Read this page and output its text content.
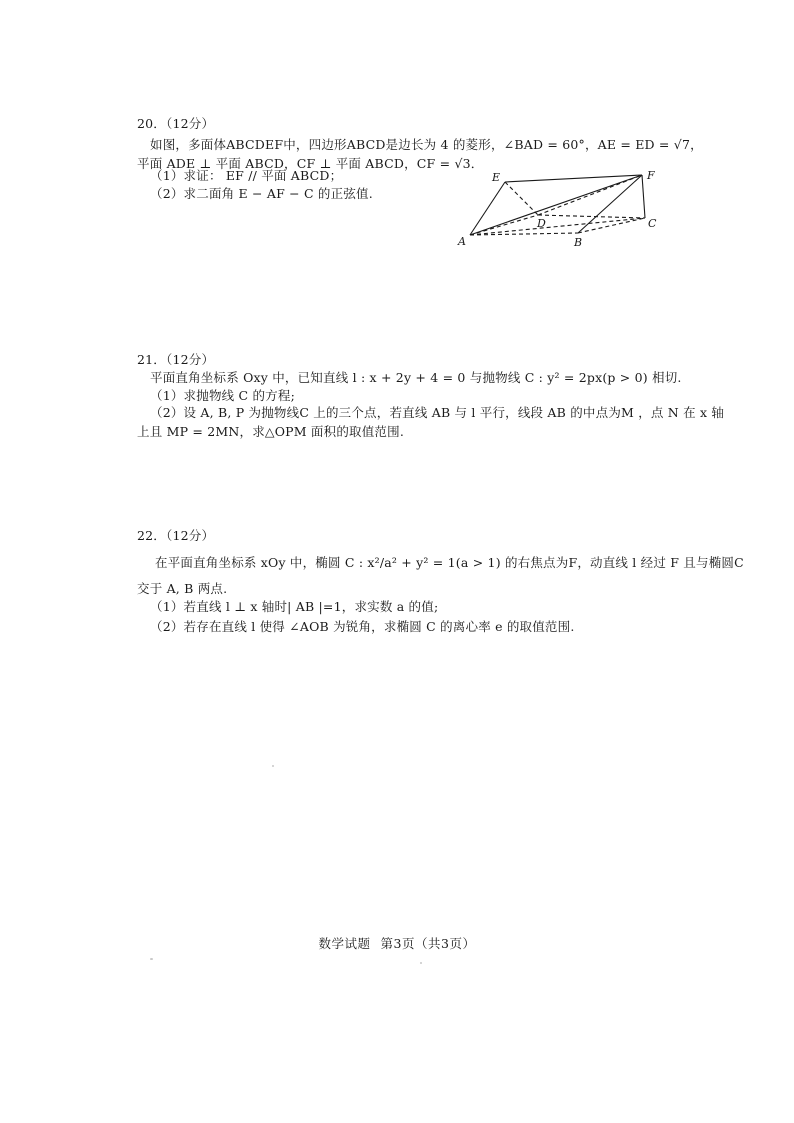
20．（12分）
如图，多面体ABCDEF中，四边形ABCD是边长为 4 的菱形，∠BAD = 60°，AE = ED = √7，
平面 ADE ⊥ 平面 ABCD，CF ⊥ 平面 ABCD，CF = √3．
（1）求证： EF // 平面 ABCD；
（2）求二面角 E − AF − C 的正弦值.
A	B
C
D
E	F
21．（12分）
平面直角坐标系 Oxy 中，已知直线 l : x + 2y + 4 = 0 与抛物线 C : y² = 2px(p > 0) 相切.
（1）求抛物线 C 的方程;
（2）设 A, B, P 为抛物线C 上的三个点，若直线 AB 与 l 平行，线段 AB 的中点为M ，点 N 在 x 轴
上且 MP = 2MN，求△OPM 面积的取值范围.
22．（12分）
在平面直角坐标系 xOy 中，椭圆 C : x²/a² + y² = 1(a > 1) 的右焦点为F，动直线 l 经过 F 且与椭圆C
交于 A, B 两点.
（1）若直线 l ⊥ x 轴时| AB |=1，求实数 a 的值;
（2）若存在直线 l 使得 ∠AOB 为锐角，求椭圆 C 的离心率 e 的取值范围.
数学试题 第3页（共3页）
